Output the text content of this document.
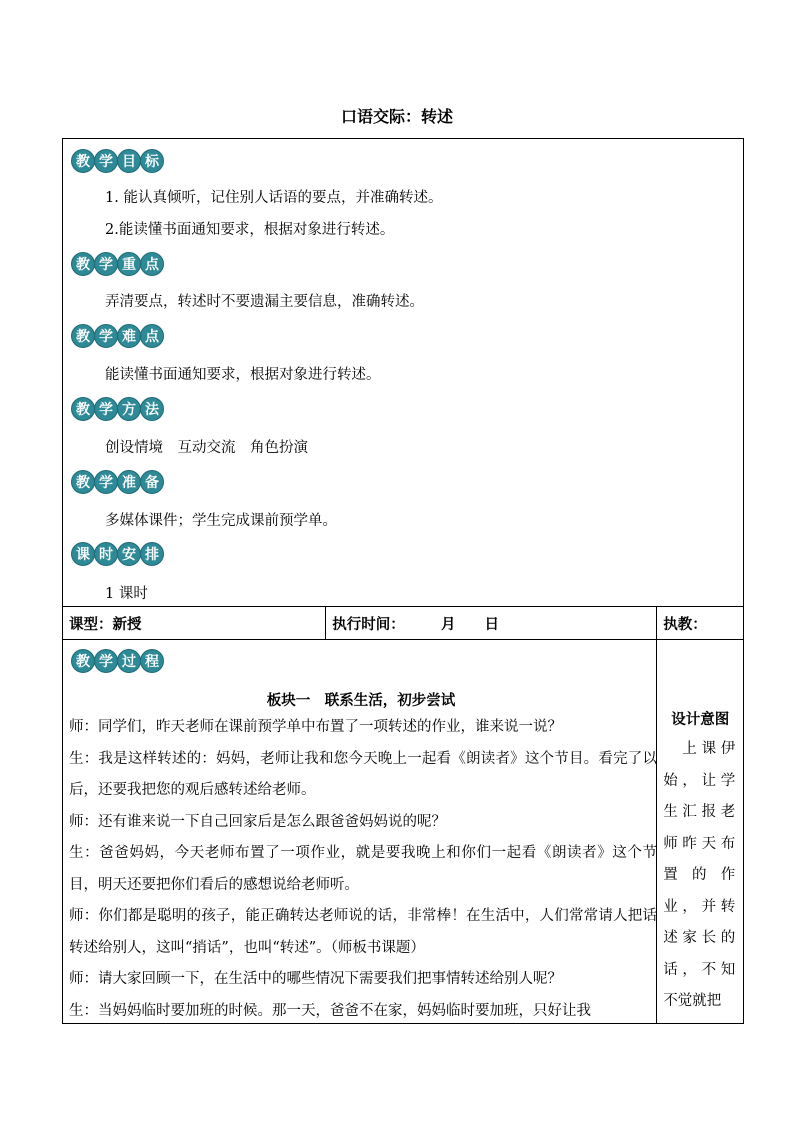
口语交际：转述
教 学 目 标
1. 能认真倾听，记住别人话语的要点，并准确转述。
2.能读懂书面通知要求，根据对象进行转述。
教 学 重 点
弄清要点，转述时不要遗漏主要信息，准确转述。
教 学 难 点
能读懂书面通知要求，根据对象进行转述。
教 学 方 法
创设情境　互动交流　角色扮演
教 学 准 备
多媒体课件；学生完成课前预学单。
课 时 安 排
1 课时
课型：新授	执行时间：　　　月　　日	执教：
教 学 过 程
板块一　联系生活，初步尝试
师：同学们，昨天老师在课前预学单中布置了一项转述的作业，谁来说一说？
生：我是这样转述的：妈妈，老师让我和您今天晚上一起看《朗读者》这个节目。看完了以后，还要我把您的观后感转述给老师。
师：还有谁来说一下自己回家后是怎么跟爸爸妈妈说的呢？
生：爸爸妈妈，今天老师布置了一项作业，就是要我晚上和你们一起看《朗读者》这个节目，明天还要把你们看后的感想说给老师听。
师：你们都是聪明的孩子，能正确转达老师说的话，非常棒！在生活中，人们常常请人把话转述给别人，这叫“捎话”，也叫“转述”。（师板书课题）
师：请大家回顾一下，在生活中的哪些情况下需要我们把事情转述给别人呢？
生：当妈妈临时要加班的时候。那一天，爸爸不在家，妈妈临时要加班，只好让我
设计意图
　上课伊始，让学生汇报老师昨天布置的作业，并转述家长的话，不知不觉就把
